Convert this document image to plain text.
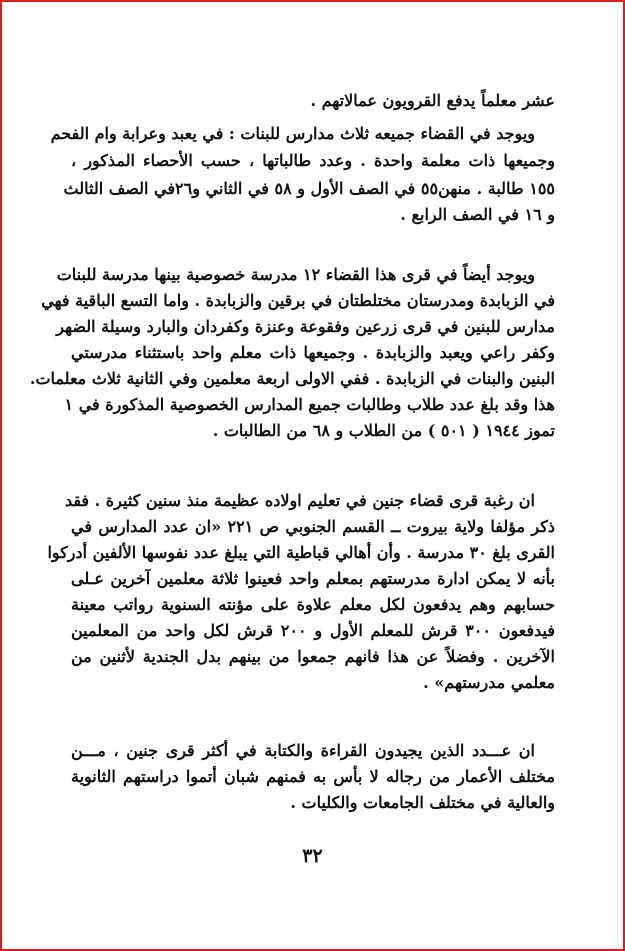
عشر معلماً يدفع القرويون عمالاتهم .
ويوجد في القضاء جميعه ثلاث مدارس للبنات : في يعبد وعرابة وام الفحم
وجميعها ذات معلمة واحدة . وعدد طالباتها ، حسب الأحصاء المذكور ،
١٥٥ طالبة . منهن٥٥ في الصف الأول و ٥٨ في الثاني و٢٦في الصف الثالث
و ١٦ في الصف الرابع .
ويوجد أيضاً في قرى هذا القضاء ١٢ مدرسة خصوصية بينها مدرسة للبنات
في الزبابدة ومدرستان مختلطتان في برقين والزبابدة . واما التسع الباقية فهي
مدارس للبنين في قرى زرعين وفقوعة وعنزة وكفردان والبارد وسيلة الضهر
وكفر راعي ويعبد والزبابدة . وجميعها ذات معلم واحد باستثناء مدرستي
البنين والبنات في الزبابدة . ففي الاولى اربعة معلمين وفي الثانية ثلاث معلمات.
هذا وقد بلغ عدد طلاب وطالبات جميع المدارس الخصوصية المذكورة في ١
تموز ١٩٤٤ ( ٥٠١ ) من الطلاب و ٦٨ من الطالبات .
ان رغبة قرى قضاء جنين في تعليم اولاده عظيمة منذ سنين كثيرة . فقد
ذكر مؤلفا ولاية بيروت ــ القسم الجنوبي ص ٢٢١ «ان عدد المدارس في
القرى بلغ ٣٠ مدرسة . وأن أهالي قباطية التي يبلغ عدد نفوسها الألفين أدركوا
بأنه لا يمكن ادارة مدرستهم بمعلم واحد فعينوا ثلاثة معلمين آخرين عـلى
حسابهم وهم يدفعون لكل معلم علاوة على مؤنته السنوية رواتب معينة
فيدفعون ٣٠٠ قرش للمعلم الأول و ٢٠٠ قرش لكل واحد من المعلمين
الآخرين . وفضلاً عن هذا فانهم جمعوا من بينهم بدل الجندية لأثنين من
معلمي مدرستهم» .
ان عـــدد الذين يجيدون القراءة والكتابة في أكثر قرى جنين ، مـــن
مختلف الأعمار من رجاله لا بأس به فمنهم شبان أتموا دراستهم الثانوية
والعالية في مختلف الجامعات والكليات .
٣٢
